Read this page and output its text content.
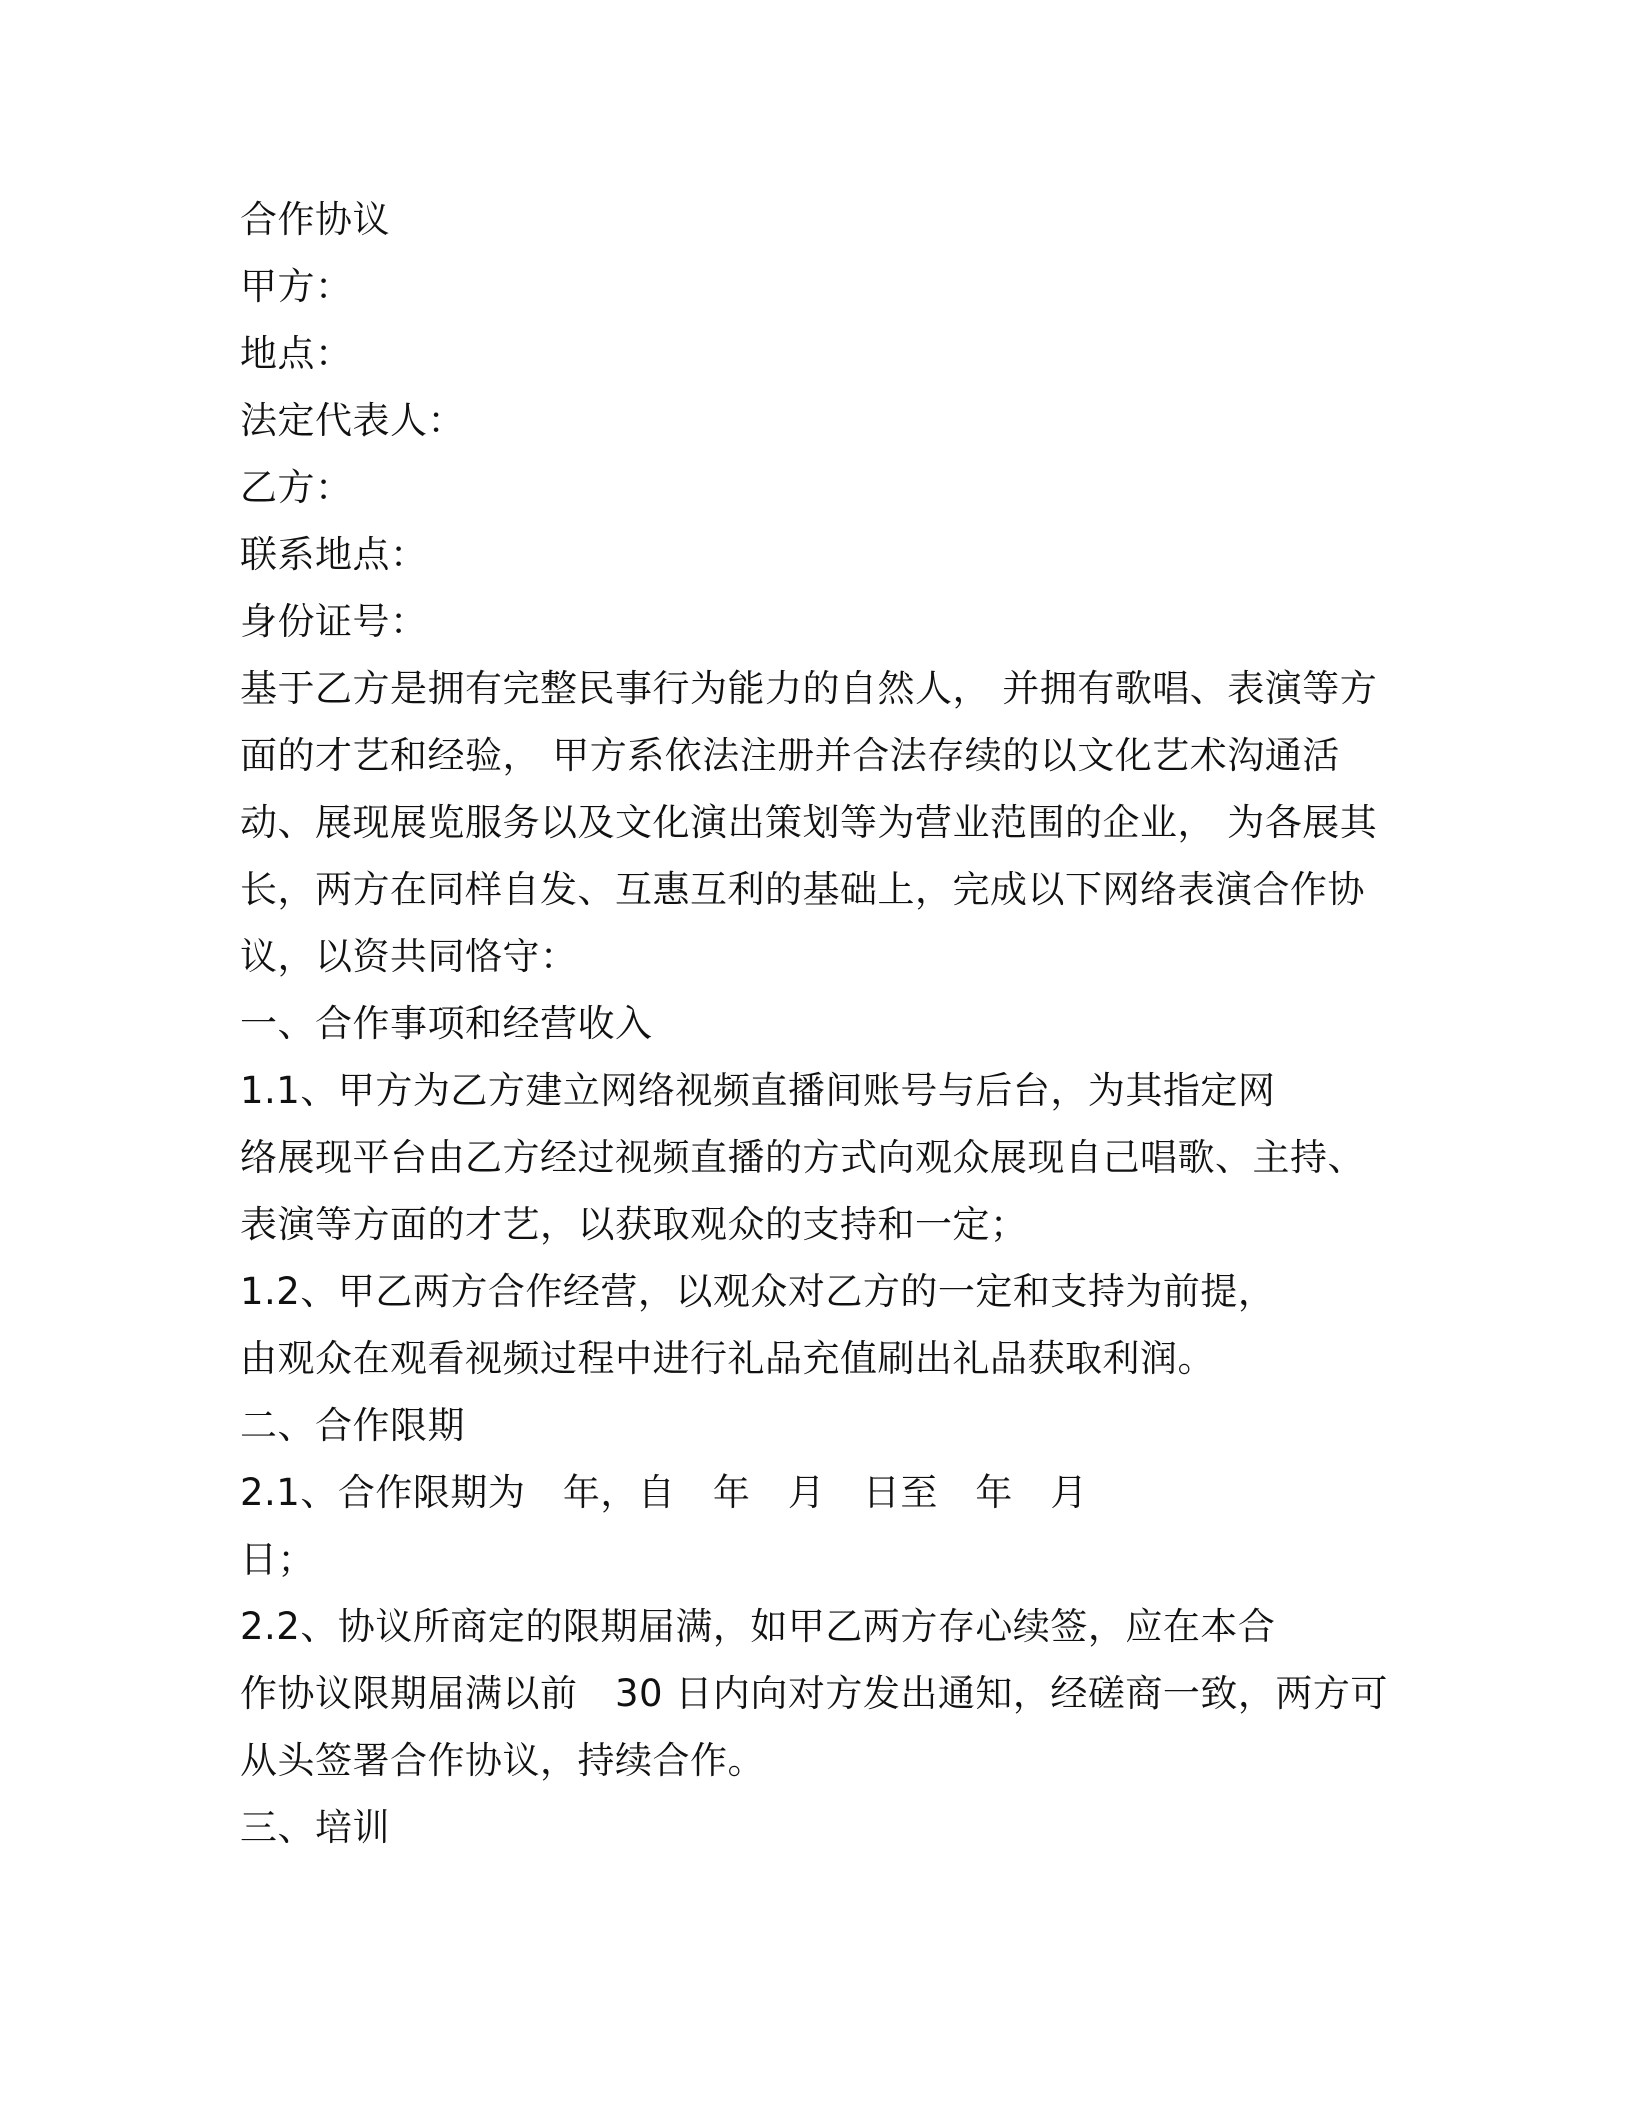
合作协议
甲方：
地点：
法定代表人：
乙方：
联系地点：
身份证号：
基于乙方是拥有完整民事行为能力的自然人， 并拥有歌唱、表演等方
面的才艺和经验， 甲方系依法注册并合法存续的以文化艺术沟通活
动、展现展览服务以及文化演出策划等为营业范围的企业， 为各展其
长，两方在同样自发、互惠互利的基础上，完成以下网络表演合作协
议，以资共同恪守：
一、合作事项和经营收入
1.1、甲方为乙方建立网络视频直播间账号与后台，为其指定网
络展现平台由乙方经过视频直播的方式向观众展现自己唱歌、主持、
表演等方面的才艺，以获取观众的支持和一定；
1.2、甲乙两方合作经营，以观众对乙方的一定和支持为前提，
由观众在观看视频过程中进行礼品充值刷出礼品获取利润。
二、合作限期
2.1、合作限期为　年，自　年　月　日至　年　月
日；
2.2、协议所商定的限期届满，如甲乙两方存心续签，应在本合
作协议限期届满以前　30 日内向对方发出通知，经磋商一致，两方可
从头签署合作协议，持续合作。
三、培训
